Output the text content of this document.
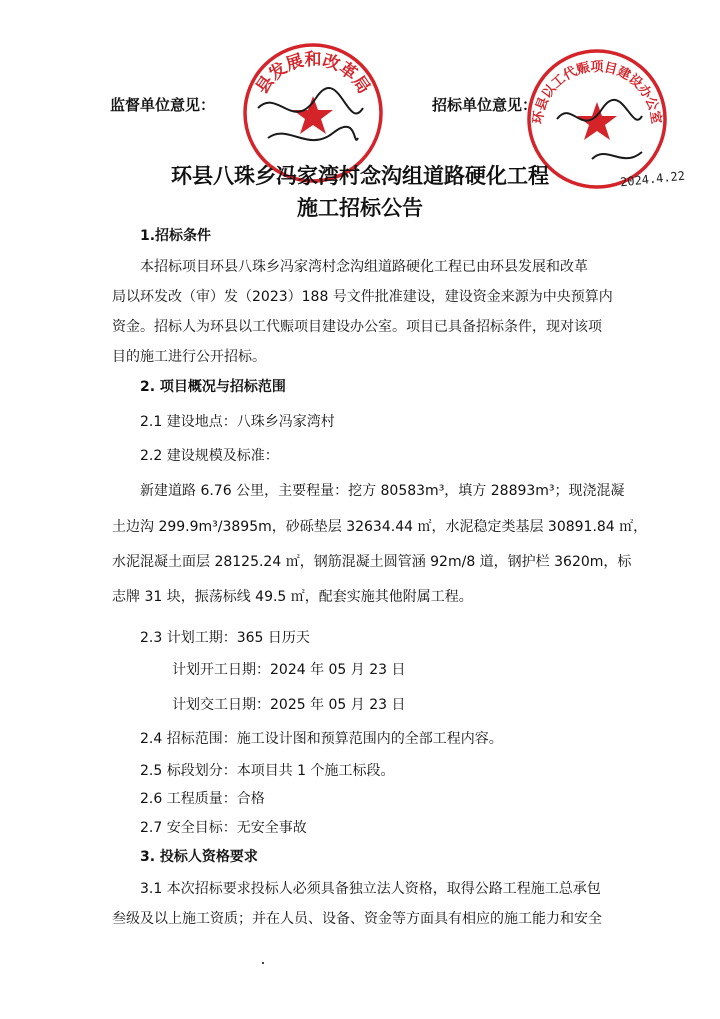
监督单位意见：	招标单位意见：
县发展和改革局
环县以工代赈项目建设办公室
2024.4.22
环县八珠乡冯家湾村念沟组道路硬化工程
施工招标公告
1.招标条件
本招标项目环县八珠乡冯家湾村念沟组道路硬化工程已由环县发展和改革
局以环发改（审）发（2023）188 号文件批准建设，建设资金来源为中央预算内
资金。招标人为环县以工代赈项目建设办公室。项目已具备招标条件，现对该项
目的施工进行公开招标。
2. 项目概况与招标范围
2.1 建设地点：八珠乡冯家湾村
2.2 建设规模及标准：
新建道路 6.76 公里，主要程量：挖方 80583m³，填方 28893m³；现浇混凝
土边沟 299.9m³/3895m，砂砾垫层 32634.44 ㎡，水泥稳定类基层 30891.84 ㎡，
水泥混凝土面层 28125.24 ㎡，钢筋混凝土圆管涵 92m/8 道，钢护栏 3620m，标
志牌 31 块，振荡标线 49.5 ㎡，配套实施其他附属工程。
2.3 计划工期：365 日历天
计划开工日期：2024 年 05 月 23 日
计划交工日期：2025 年 05 月 23 日
2.4 招标范围：施工设计图和预算范围内的全部工程内容。
2.5 标段划分：本项目共 1 个施工标段。
2.6 工程质量：合格
2.7 安全目标：无安全事故
3. 投标人资格要求
3.1 本次招标要求投标人必须具备独立法人资格，取得公路工程施工总承包
叁级及以上施工资质；并在人员、设备、资金等方面具有相应的施工能力和安全
